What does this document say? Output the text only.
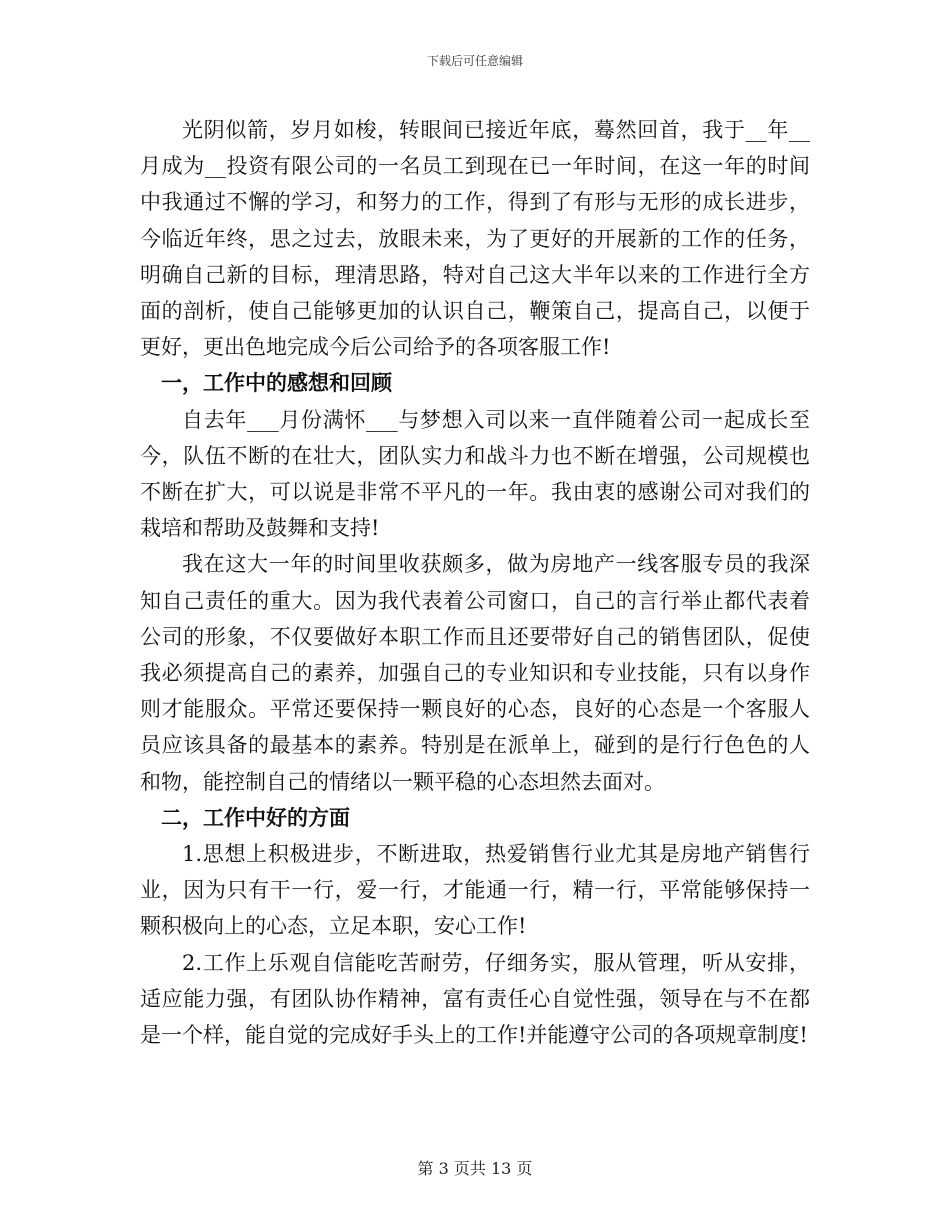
下载后可任意编辑

光阴似箭，岁月如梭，转眼间已接近年底，蓦然回首，我于__年__月成为__投资有限公司的一名员工到现在已一年时间，在这一年的时间中我通过不懈的学习，和努力的工作，得到了有形与无形的成长进步，今临近年终，思之过去，放眼未来，为了更好的开展新的工作的任务，明确自己新的目标，理清思路，特对自己这大半年以来的工作进行全方面的剖析，使自己能够更加的认识自己，鞭策自己，提高自己，以便于更好，更出色地完成今后公司给予的各项客服工作!

一，工作中的感想和回顾

自去年___月份满怀___与梦想入司以来一直伴随着公司一起成长至今，队伍不断的在壮大，团队实力和战斗力也不断在增强，公司规模也不断在扩大，可以说是非常不平凡的一年。我由衷的感谢公司对我们的栽培和帮助及鼓舞和支持!

我在这大一年的时间里收获颇多，做为房地产一线客服专员的我深知自己责任的重大。因为我代表着公司窗口，自己的言行举止都代表着公司的形象，不仅要做好本职工作而且还要带好自己的销售团队，促使我必须提高自己的素养，加强自己的专业知识和专业技能，只有以身作则才能服众。平常还要保持一颗良好的心态，良好的心态是一个客服人员应该具备的最基本的素养。特别是在派单上，碰到的是行行色色的人和物，能控制自己的情绪以一颗平稳的心态坦然去面对。

二，工作中好的方面

1.思想上积极进步，不断进取，热爱销售行业尤其是房地产销售行业，因为只有干一行，爱一行，才能通一行，精一行，平常能够保持一颗积极向上的心态，立足本职，安心工作!

2.工作上乐观自信能吃苦耐劳，仔细务实，服从管理，听从安排，适应能力强，有团队协作精神，富有责任心自觉性强，领导在与不在都是一个样，能自觉的完成好手头上的工作!并能遵守公司的各项规章制度!

第 3 页共 13 页
